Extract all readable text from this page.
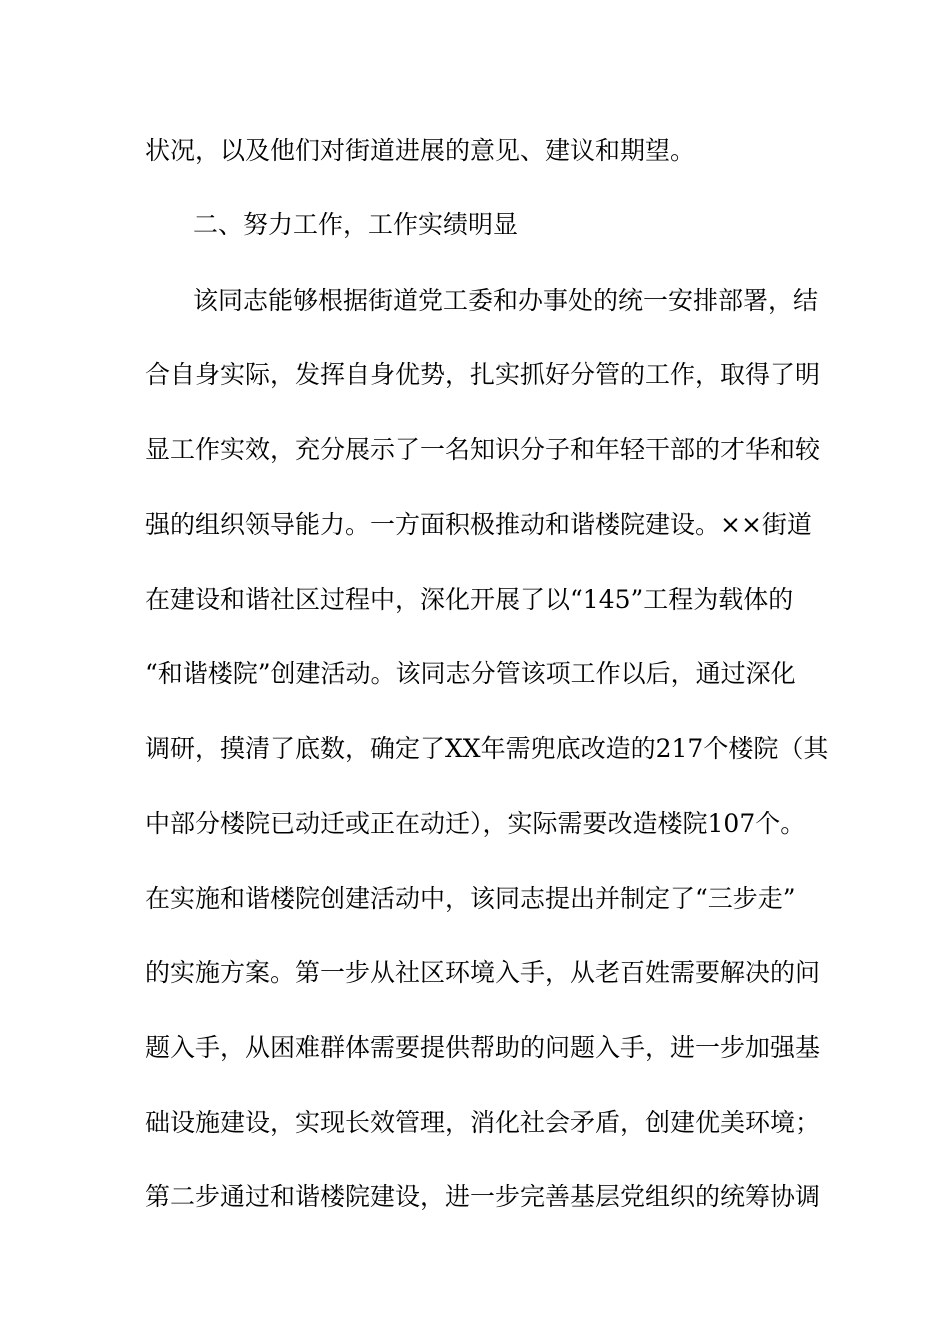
状况，以及他们对街道进展的意见、建议和期望。
二、努力工作，工作实绩明显
该同志能够根据街道党工委和办事处的统一安排部署，结
合自身实际，发挥自身优势，扎实抓好分管的工作，取得了明
显工作实效，充分展示了一名知识分子和年轻干部的才华和较
强的组织领导能力。一方面积极推动和谐楼院建设。××街道
在建设和谐社区过程中，深化开展了以“145”工程为载体的
“和谐楼院”创建活动。该同志分管该项工作以后，通过深化
调研，摸清了底数，确定了XX年需兜底改造的217个楼院（其
中部分楼院已动迁或正在动迁），实际需要改造楼院107个。
在实施和谐楼院创建活动中，该同志提出并制定了“三步走”
的实施方案。第一步从社区环境入手，从老百姓需要解决的问
题入手，从困难群体需要提供帮助的问题入手，进一步加强基
础设施建设，实现长效管理，消化社会矛盾，创建优美环境；
第二步通过和谐楼院建设，进一步完善基层党组织的统筹协调
